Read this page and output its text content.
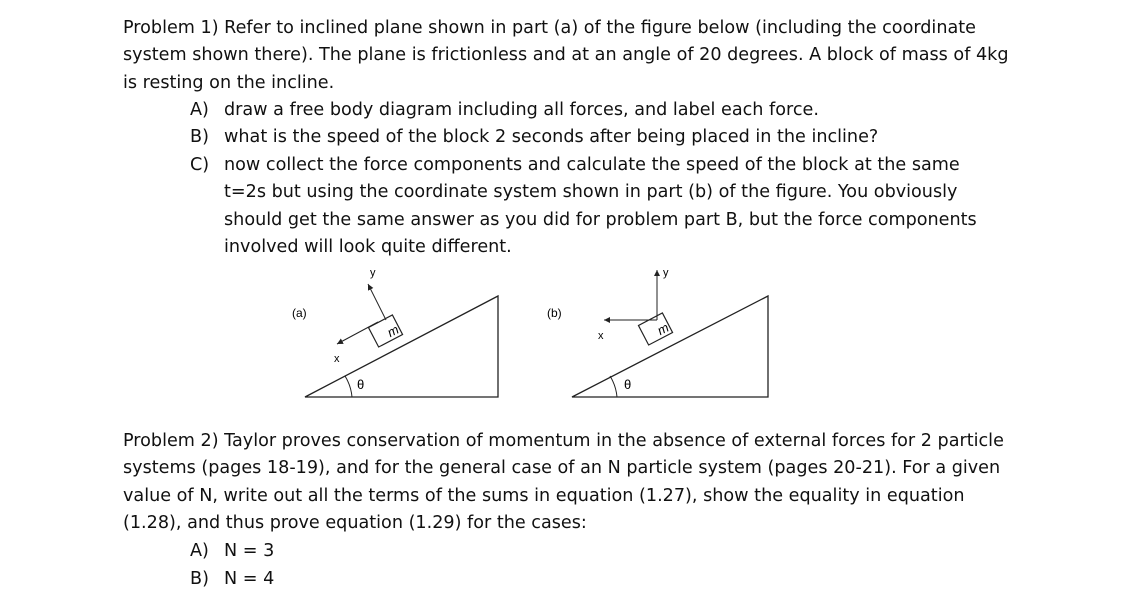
Problem 1) Refer to inclined plane shown in part (a) of the figure below (including the coordinate system shown there). The plane is frictionless and at an angle of 20 degrees. A block of mass of 4kg is resting on the incline.

A) draw a free body diagram including all forces, and label each force.
B) what is the speed of the block 2 seconds after being placed in the incline?
C) now collect the force components and calculate the speed of the block at the same t=2s but using the coordinate system shown in part (b) of the figure. You obviously should get the same answer as you did for problem part B, but the force components involved will look quite different.
(a)
θ
m
y
x
(b)
θ
m
y
x

Problem 2) Taylor proves conservation of momentum in the absence of external forces for 2 particle systems (pages 18-19), and for the general case of an N particle system (pages 20-21). For a given value of N, write out all the terms of the sums in equation (1.27), show the equality in equation (1.28), and thus prove equation (1.29) for the cases:

A) N = 3
B) N = 4
